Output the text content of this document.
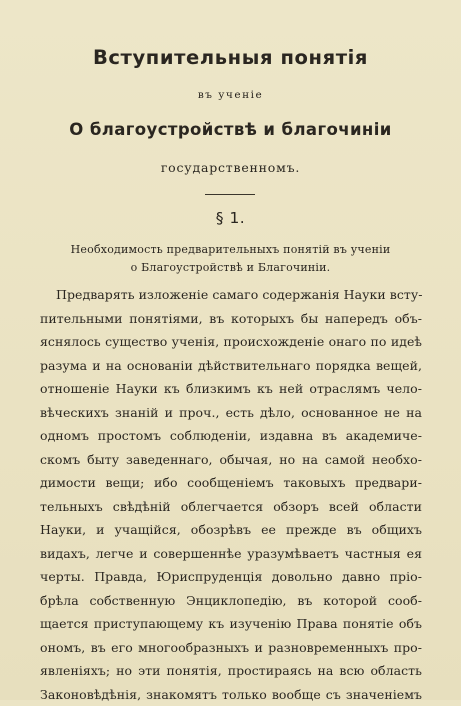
Вступительныя понятія
въ ученіе
О благоустройствѣ и благочиніи
государственномъ.
§ 1.
Необходимость предварительныхъ понятій въ ученіи
о Благоустройствѣ и Благочиніи.
Предварять изложеніе самаго содержанія Науки всту-
пительными понятіями, въ которыхъ бы напередъ объ-
яснялось существо ученія, происхожденіе онаго по идеѣ
разума и на основаніи дѣйствительнаго порядка вещей,
отношеніе Науки къ близкимъ къ ней отраслямъ чело-
вѣческихъ знаній и проч., есть дѣло, основанное не на
одномъ простомъ соблюденіи, издавна въ академиче-
скомъ быту заведеннаго, обычая, но на самой необхо-
димости вещи; ибо сообщеніемъ таковыхъ предвари-
тельныхъ свѣдѣній облегчается обзоръ всей области
Науки, и учащійся, обозрѣвъ ее прежде въ общихъ
видахъ, легче и совершеннѣе уразумѣваетъ частныя ея
черты. Правда, Юриспруденція довольно давно прiо-
брѣла собственную Энциклопедію, въ которой сооб-
щается приступающему къ изученію Права понятіе объ
ономъ, въ его многообразныхъ и разновременныхъ про-
явленіяхъ; но эти понятія, простираясь на всю область
Законовѣдѣнія, знакомятъ только вообще съ значеніемъ
